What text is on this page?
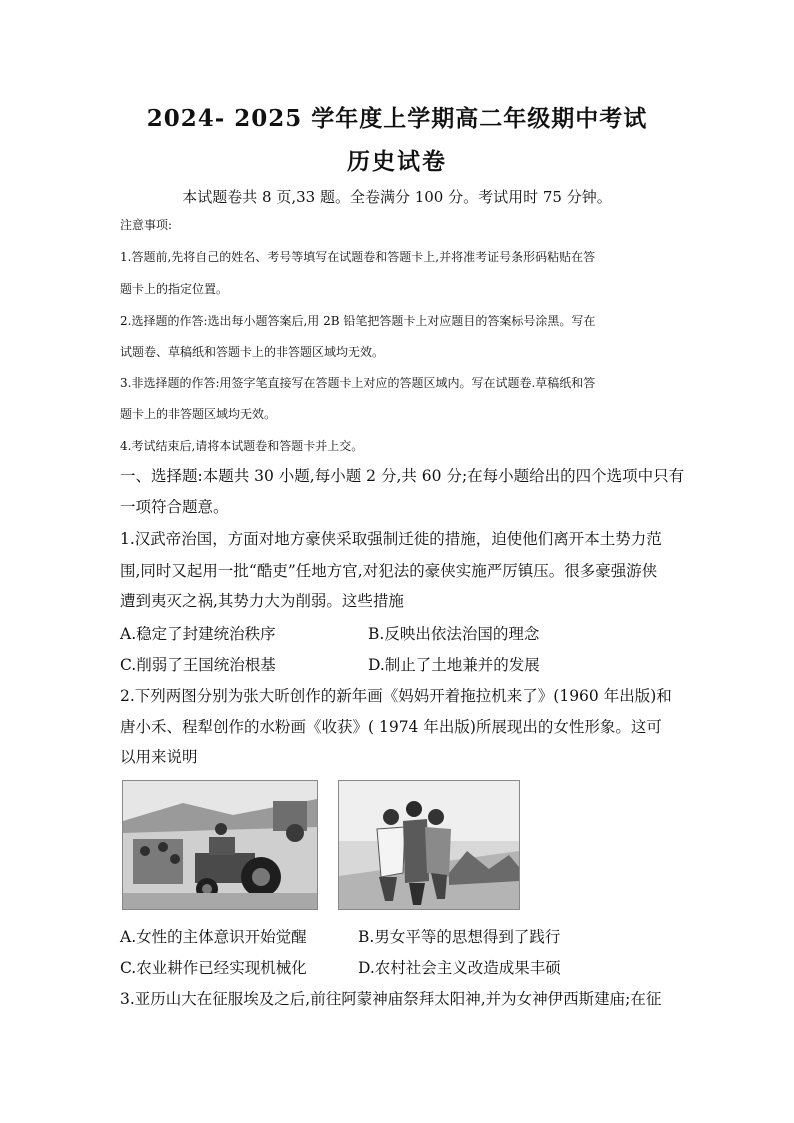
2024- 2025 学年度上学期高二年级期中考试
历史试卷
本试题卷共 8 页,33 题。全卷满分 100 分。考试用时 75 分钟。
注意事项:
1.答题前,先将自己的姓名、考号等填写在试题卷和答题卡上,并将准考证号条形码粘贴在答
题卡上的指定位置。
2.选择题的作答:选出每小题答案后,用 2B 铅笔把答题卡上对应题目的答案标号涂黑。写在
试题卷、草稿纸和答题卡上的非答题区域均无效。
3.非选择题的作答:用签字笔直接写在答题卡上对应的答题区域内。写在试题卷.草稿纸和答
题卡上的非答题区域均无效。
4.考试结束后,请将本试题卷和答题卡并上交。
一、选择题:本题共 30 小题,每小题 2 分,共 60 分;在每小题给出的四个选项中只有
一项符合题意。
1.汉武帝治国，方面对地方豪侠采取强制迁徙的措施，迫使他们离开本土势力范
围,同时又起用一批“酷吏”任地方官,对犯法的豪侠实施严厉镇压。很多豪强游侠
遭到夷灭之祸,其势力大为削弱。这些措施
A.稳定了封建统治秩序	B.反映出依法治国的理念
C.削弱了王国统治根基	D.制止了土地兼并的发展
2.下列两图分别为张大昕创作的新年画《妈妈开着拖拉机来了》(1960 年出版)和
唐小禾、程犁创作的水粉画《收获》( 1974 年出版)所展现出的女性形象。这可
以用来说明
A.女性的主体意识开始觉醒	B.男女平等的思想得到了践行
C.农业耕作已经实现机械化	D.农村社会主义改造成果丰硕
3.亚历山大在征服埃及之后,前往阿蒙神庙祭拜太阳神,并为女神伊西斯建庙;在征
